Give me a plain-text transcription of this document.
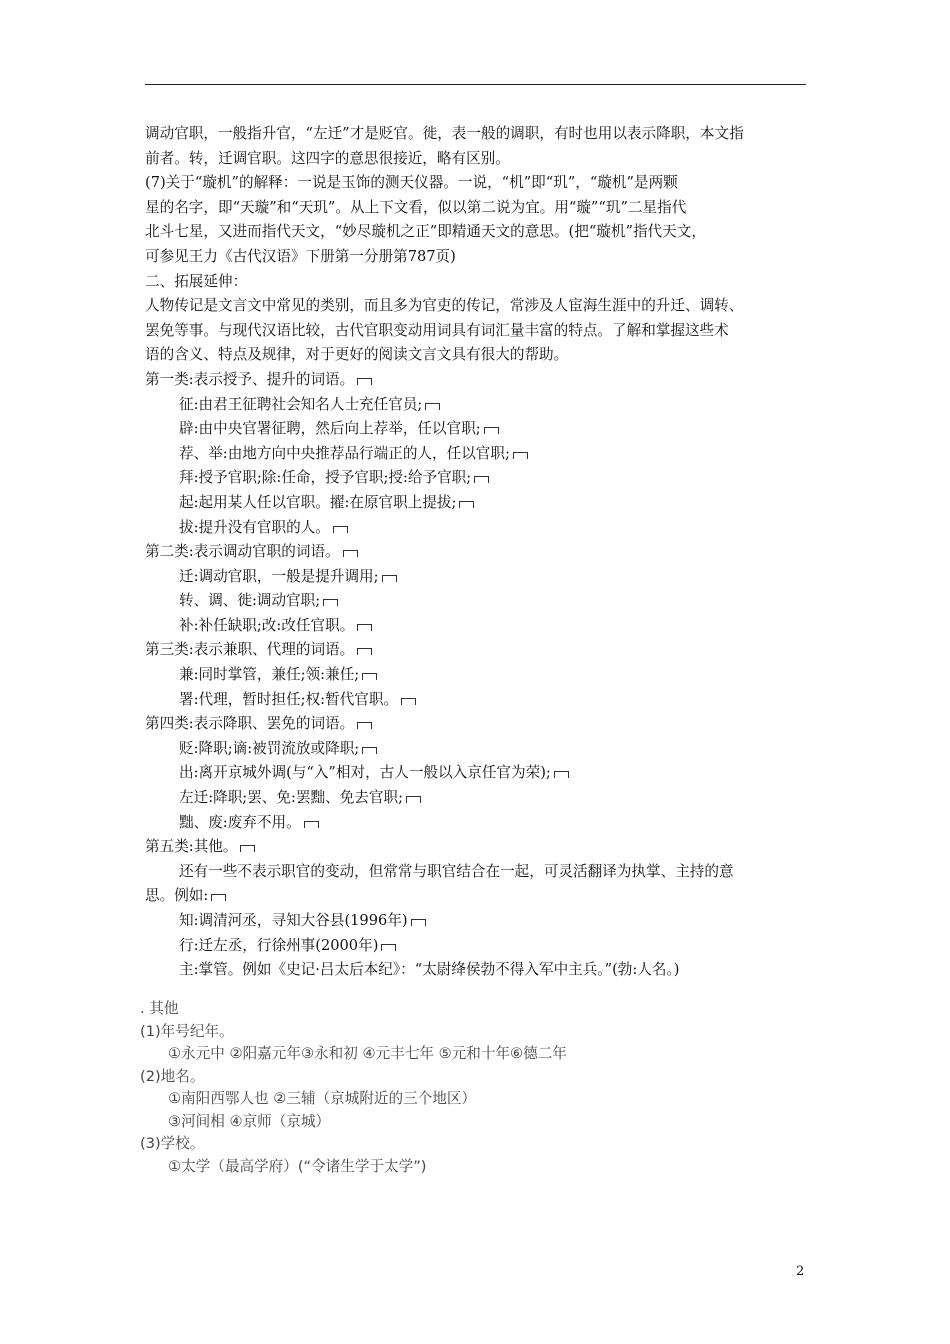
调动官职，一般指升官，“左迁”才是贬官。徙，表一般的调职，有时也用以表示降职，本文指
前者。转，迁调官职。这四字的意思很接近，略有区别。
(7)关于“璇机”的解释：一说是玉饰的测天仪器。一说，“机”即“玑”，“璇机”是两颗
星的名字，即“天璇”和“天玑”。从上下文看，似以第二说为宜。用“璇”“玑”二星指代
北斗七星，又进而指代天文，“妙尽璇机之正”即精通天文的意思。(把“璇机”指代天文，
可参见王力《古代汉语》下册第一分册第787页)
二、拓展延伸：
人物传记是文言文中常见的类别，而且多为官吏的传记，常涉及人宦海生涯中的升迁、调转、
罢免等事。与现代汉语比较，古代官职变动用词具有词汇量丰富的特点。了解和掌握这些术
语的含义、特点及规律，对于更好的阅读文言文具有很大的帮助。
第一类:表示授予、提升的词语。
征:由君王征聘社会知名人士充任官员;
辟:由中央官署征聘，然后向上荐举，任以官职;
荐、举:由地方向中央推荐品行端正的人，任以官职;
拜:授予官职;除:任命，授予官职;授:给予官职;
起:起用某人任以官职。擢:在原官职上提拔;
拔:提升没有官职的人。
第二类:表示调动官职的词语。
迁:调动官职，一般是提升调用;
转、调、徙:调动官职;
补:补任缺职;改:改任官职。
第三类:表示兼职、代理的词语。
兼:同时掌管，兼任;领:兼任;
署:代理，暂时担任;权:暂代官职。
第四类:表示降职、罢免的词语。
贬:降职;谪:被罚流放或降职;
出:离开京城外调(与“入”相对，古人一般以入京任官为荣);
左迁:降职;罢、免:罢黜、免去官职;
黜、废:废弃不用。
第五类:其他。
还有一些不表示职官的变动，但常常与职官结合在一起，可灵活翻译为执掌、主持的意
思。例如:
知:调清河丞，寻知大谷县(1996年)
行:迁左丞，行徐州事(2000年)
主:掌管。例如《史记·吕太后本纪》：“太尉绛侯勃不得入军中主兵。”(勃:人名。)
. 其他
(1)年号纪年。
①永元中 ②阳嘉元年③永和初 ④元丰七年 ⑤元和十年⑥德二年
(2)地名。
①南阳西鄂人也 ②三辅（京城附近的三个地区）
③河间相 ④京师（京城）
(3)学校。
①太学（最高学府）(“令诸生学于太学”)
2
